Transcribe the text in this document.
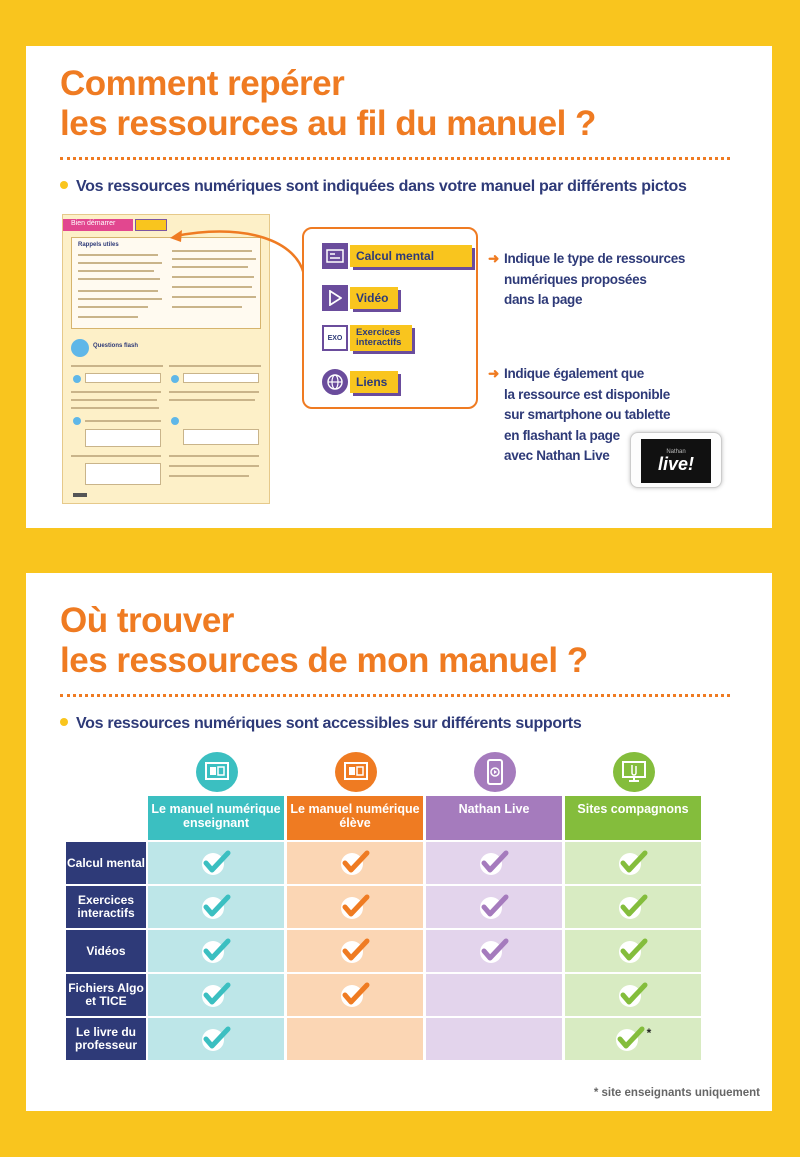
Comment repérer
les ressources au fil du manuel ?
Vos ressources numériques sont indiquées dans votre manuel par différents pictos
Bien démarrer
Rappels utiles
Questions flash
Calcul mental
Vidéo
EXO Exercices
interactifs
Liens
➜ Indique le type de ressources
numériques proposées
dans la page
➜ Indique également que
la ressource est disponible
sur smartphone ou tablette
en flashant la page
avec Nathan Live	Nathan
live!
Où trouver
les ressources de mon manuel ?
Vos ressources numériques sont accessibles sur différents supports
Le manuel numérique
enseignant
Le manuel numérique
élève
Nathan Live	Sites compagnons
Calcul mental
Exercices
interactifs
Vidéos
Fichiers Algo
et TICE
Le livre du
professeur
*
* site enseignants uniquement
